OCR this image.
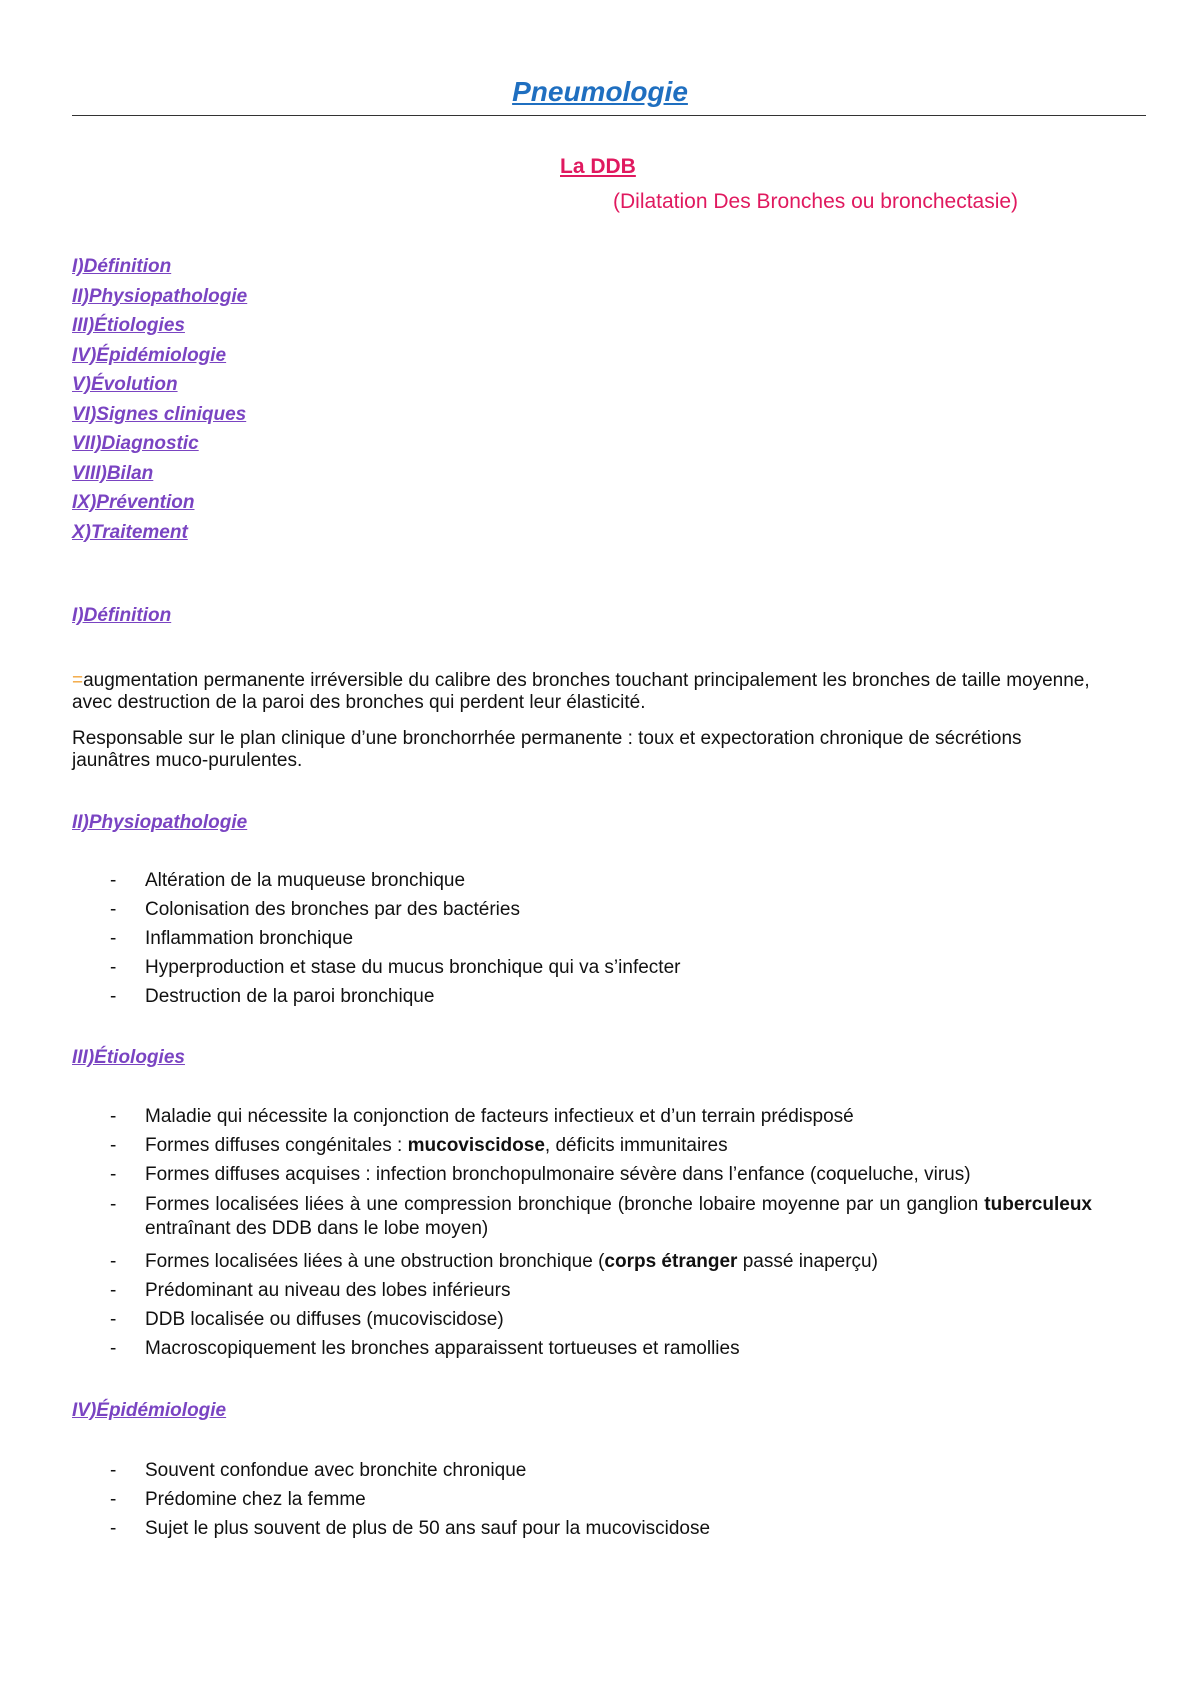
Pneumologie
La DDB
(Dilatation Des Bronches ou bronchectasie)
I)Définition
II)Physiopathologie
III)Étiologies
IV)Épidémiologie
V)Évolution
VI)Signes cliniques
VII)Diagnostic
VIII)Bilan
IX)Prévention
X)Traitement
I)Définition
=augmentation permanente irréversible du calibre des bronches touchant principalement les bronches de taille moyenne, avec destruction de la paroi des bronches qui perdent leur élasticité.
Responsable sur le plan clinique d’une bronchorrhée permanente : toux et expectoration chronique de sécrétions jaunâtres muco-purulentes.
II)Physiopathologie
- Altération de la muqueuse bronchique
- Colonisation des bronches par des bactéries
- Inflammation bronchique
- Hyperproduction et stase du mucus bronchique qui va s’infecter
- Destruction de la paroi bronchique
III)Étiologies
- Maladie qui nécessite la conjonction de facteurs infectieux et d’un terrain prédisposé
- Formes diffuses congénitales : mucoviscidose, déficits immunitaires
- Formes diffuses acquises : infection bronchopulmonaire sévère dans l’enfance (coqueluche, virus)
- Formes localisées liées à une compression bronchique (bronche lobaire moyenne par un ganglion tuberculeux entraînant des DDB dans le lobe moyen)
- Formes localisées liées à une obstruction bronchique (corps étranger passé inaperçu)
- Prédominant au niveau des lobes inférieurs
- DDB localisée ou diffuses (mucoviscidose)
- Macroscopiquement les bronches apparaissent tortueuses et ramollies
IV)Épidémiologie
- Souvent confondue avec bronchite chronique
- Prédomine chez la femme
- Sujet le plus souvent de plus de 50 ans sauf pour la mucoviscidose
